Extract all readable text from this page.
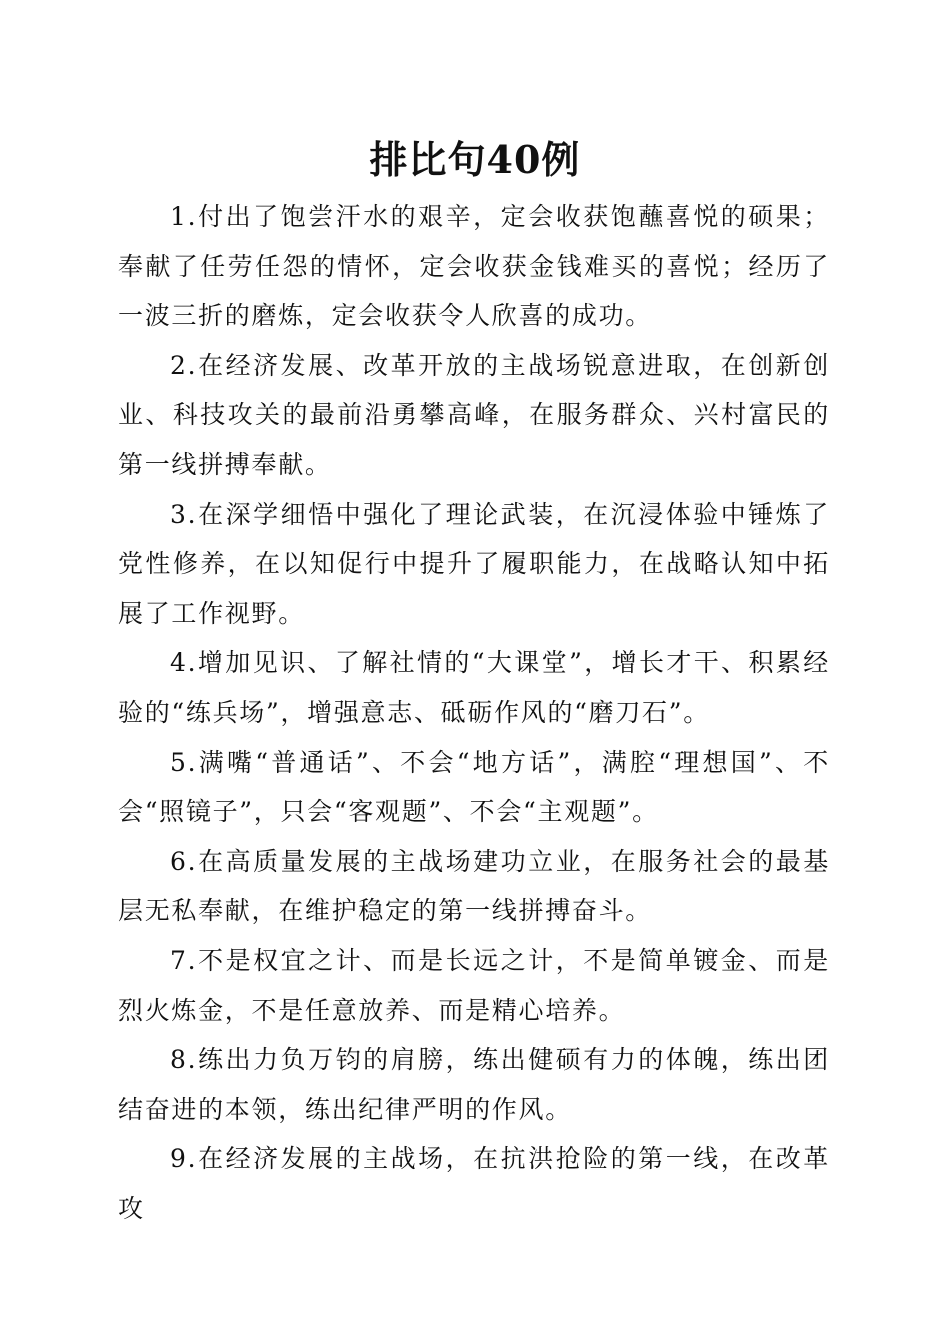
排比句40例

1.付出了饱尝汗水的艰辛，定会收获饱蘸喜悦的硕果；奉献了任劳任怨的情怀，定会收获金钱难买的喜悦；经历了一波三折的磨炼，定会收获令人欣喜的成功。

2.在经济发展、改革开放的主战场锐意进取，在创新创业、科技攻关的最前沿勇攀高峰，在服务群众、兴村富民的第一线拼搏奉献。

3.在深学细悟中强化了理论武装，在沉浸体验中锤炼了党性修养，在以知促行中提升了履职能力，在战略认知中拓展了工作视野。

4.增加见识、了解社情的“大课堂”，增长才干、积累经验的“练兵场”，增强意志、砥砺作风的“磨刀石”。

5.满嘴“普通话”、不会“地方话”，满腔“理想国”、不会“照镜子”，只会“客观题”、不会“主观题”。

6.在高质量发展的主战场建功立业，在服务社会的最基层无私奉献，在维护稳定的第一线拼搏奋斗。

7.不是权宜之计、而是长远之计，不是简单镀金、而是烈火炼金，不是任意放养、而是精心培养。

8.练出力负万钧的肩膀，练出健硕有力的体魄，练出团结奋进的本领，练出纪律严明的作风。

9.在经济发展的主战场，在抗洪抢险的第一线，在改革攻
